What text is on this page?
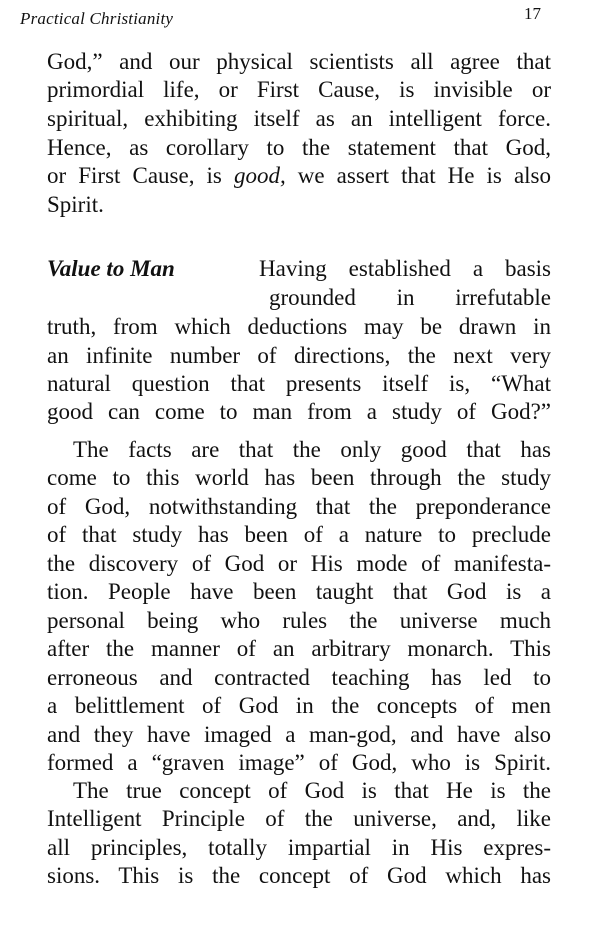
Practical Christianity	17
God,” and our physical scientists all agree that
primordial life, or First Cause, is invisible or
spiritual, exhibiting itself as an intelligent force.
Hence, as corollary to the statement that God,
or First Cause, is good, we assert that He is also
Spirit.
Value to Man	Having established a basis
grounded in irrefutable
truth, from which deductions may be drawn in
an infinite number of directions, the next very
natural question that presents itself is, “What
good can come to man from a study of God?”
The facts are that the only good that has
come to this world has been through the study
of God, notwithstanding that the preponderance
of that study has been of a nature to preclude
the discovery of God or His mode of manifesta-
tion. People have been taught that God is a
personal being who rules the universe much
after the manner of an arbitrary monarch. This
erroneous and contracted teaching has led to
a belittlement of God in the concepts of men
and they have imaged a man-god, and have also
formed a “graven image” of God, who is Spirit.
The true concept of God is that He is the
Intelligent Principle of the universe, and, like
all principles, totally impartial in His expres-
sions. This is the concept of God which has
